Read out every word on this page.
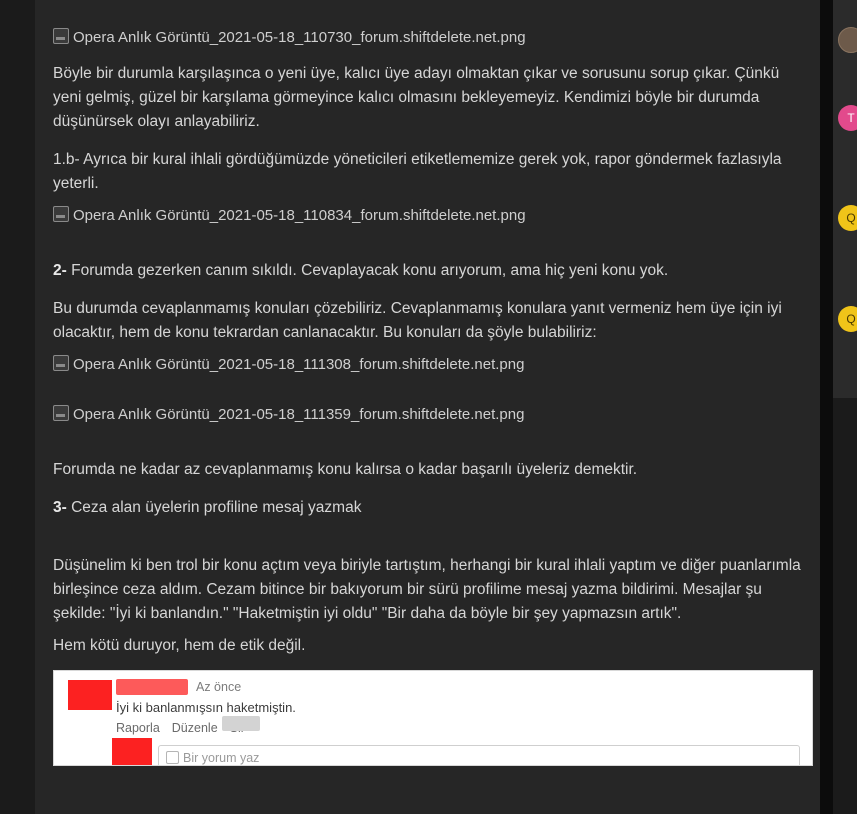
Opera Anlık Görüntü_2021-05-18_110730_forum.shiftdelete.net.png

Böyle bir durumla karşılaşınca o yeni üye, kalıcı üye adayı olmaktan çıkar ve sorusunu sorup çıkar. Çünkü yeni gelmiş, güzel bir karşılama görmeyince kalıcı olmasını bekleyemeyiz. Kendimizi böyle bir durumda düşünürsek olayı anlayabiliriz.

1.b- Ayrıca bir kural ihlali gördüğümüzde yöneticileri etiketlememize gerek yok, rapor göndermek fazlasıyla yeterli.

Opera Anlık Görüntü_2021-05-18_110834_forum.shiftdelete.net.png

2- Forumda gezerken canım sıkıldı. Cevaplayacak konu arıyorum, ama hiç yeni konu yok.

Bu durumda cevaplanmamış konuları çözebiliriz. Cevaplanmamış konulara yanıt vermeniz hem üye için iyi olacaktır, hem de konu tekrardan canlanacaktır. Bu konuları da şöyle bulabiliriz:

Opera Anlık Görüntü_2021-05-18_111308_forum.shiftdelete.net.png
Opera Anlık Görüntü_2021-05-18_111359_forum.shiftdelete.net.png

Forumda ne kadar az cevaplanmamış konu kalırsa o kadar başarılı üyeleriz demektir.

3- Ceza alan üyelerin profiline mesaj yazmak

Düşünelim ki ben trol bir konu açtım veya biriyle tartıştım, herhangi bir kural ihlali yaptım ve diğer puanlarımla birleşince ceza aldım. Cezam bitince bir bakıyorum bir sürü profilime mesaj yazma bildirimi. Mesajlar şu şekilde: "İyi ki banlandın." "Haketmiştin iyi oldu" "Bir daha da böyle bir şey yapmazsın artık".

Hem kötü duruyor, hem de etik değil.

Az önce
İyi ki banlanmışsın haketmiştin.
Raporla Düzenle
Bir yorum yaz
T
Q
Q
